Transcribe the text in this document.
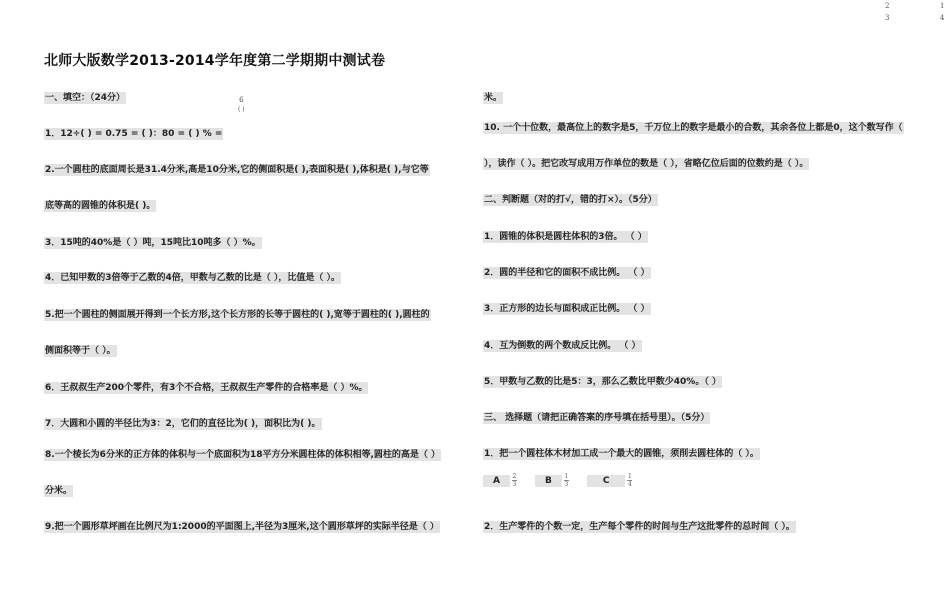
2	1
3	4
北师大版数学2013-2014学年度第二学期期中测试卷
一、填空：（24分）	6
( )
1．12÷( ) = 0.75 = ( )：80 = ( ) % =
2.一个圆柱的底面周长是31.4分米,高是10分米,它的侧面积是( ),表面积是( ),体积是( ),与它等
底等高的圆锥的体积是( )。
3．15吨的40%是（ ）吨，15吨比10吨多（ ）%。
4．已知甲数的3倍等于乙数的4倍，甲数与乙数的比是（ ），比值是（ ）。
5.把一个圆柱的侧面展开得到一个长方形,这个长方形的长等于圆柱的( ),宽等于圆柱的( ),圆柱的
侧面积等于（ ）。
6．王叔叔生产200个零件，有3个不合格，王叔叔生产零件的合格率是（ ）%。
7．大圆和小圆的半径比为3：2，它们的直径比为( )，面积比为( )。
8.一个棱长为6分米的正方体的体积与一个底面积为18平方分米圆柱体的体积相等,圆柱的高是（ ）
分米。
9.把一个圆形草坪画在比例尺为1:2000的平面图上,半径为3厘米,这个圆形草坪的实际半径是（ ）
米。
10. 一个十位数，最高位上的数字是5，千万位上的数字是最小的合数，其余各位上都是0，这个数写作（
），读作（ ）。把它改写成用万作单位的数是（ ），省略亿位后面的位数约是（ ）。
二、判断题（对的打√，错的打×）。（5分）
1．圆锥的体积是圆柱体积的3倍。 （ ）
2．圆的半径和它的面积不成比例。 （ ）
3．正方形的边长与面积成正比例。 （ ）
4．互为倒数的两个数成反比例。 （ ）
5．甲数与乙数的比是5：3，那么乙数比甲数少40%。（ ）
三、 选择题（请把正确答案的序号填在括号里）。（5分）
1．把一个圆柱体木材加工成一个最大的圆锥，须削去圆柱体的（ ）。
A	$\frac{2}{3}$	B	$\frac{1}{3}$	C	$\frac{1}{4}$
2．生产零件的个数一定，生产每个零件的时间与生产这批零件的总时间（ ）。
